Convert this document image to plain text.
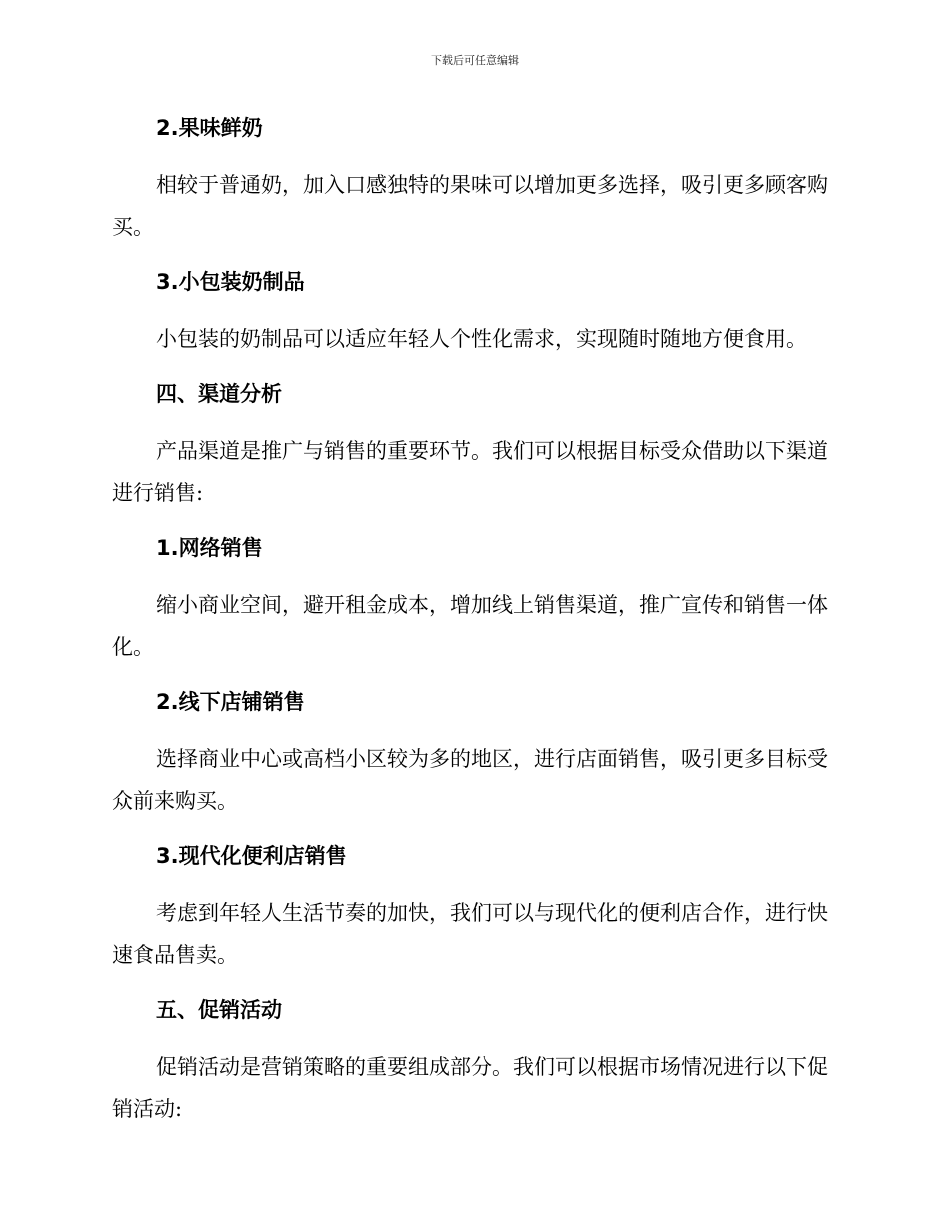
下载后可任意编辑
2.果味鲜奶

相较于普通奶，加入口感独特的果味可以增加更多选择，吸引更多顾客购买。

3.小包装奶制品

小包装的奶制品可以适应年轻人个性化需求，实现随时随地方便食用。

四、渠道分析

产品渠道是推广与销售的重要环节。我们可以根据目标受众借助以下渠道进行销售:

1.网络销售

缩小商业空间，避开租金成本，增加线上销售渠道，推广宣传和销售一体化。

2.线下店铺销售

选择商业中心或高档小区较为多的地区，进行店面销售，吸引更多目标受众前来购买。

3.现代化便利店销售

考虑到年轻人生活节奏的加快，我们可以与现代化的便利店合作，进行快速食品售卖。

五、促销活动

促销活动是营销策略的重要组成部分。我们可以根据市场情况进行以下促销活动:
